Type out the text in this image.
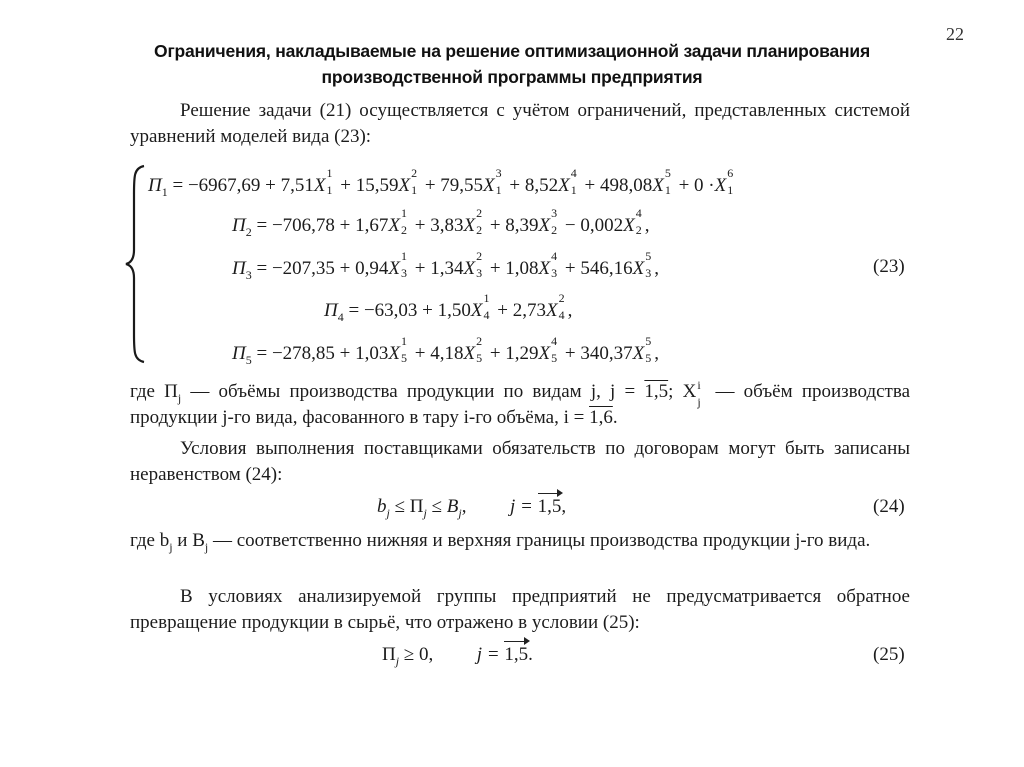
22
Ограничения, накладываемые на решение оптимизационной задачи планирования
производственной программы предприятия
Решение задачи (21) осуществляется с учётом ограничений, представленных системой уравнений моделей вида (23):
$П_1 = -6967,69 + 7,51X$
1
1 + 15,59X
2
1 + 79,55X
3
1 + 8,52X
4
1 + 498,08X
5
1 + 0 ·X
6
1
$П_2 = -706,78 + 1,67X$
1
2 + 3,83X
2
2 + 8,39X
3
2 − 0,002X
4
2 ,
$П_3 = -207,35 + 0,94X$
1
3 + 1,34X
2
3 + 1,08X
4
3 + 546,16X
5
3 ,
$П_4 = -63,03 + 1,50X$
1
4 + 2,73X
2
4 ,
$П_5 = -278,85 + 1,03X$
1
5 + 4,18X
2
5 + 1,29X
4
5 + 340,37X
5
5 ,
(23)
где $П_j$ — объёмы производства продукции по видам j, j = 1,5; X i
j — объём производства продукции j-го вида, фасованного в тару i-го объёма, i = 1,6.
Условия выполнения поставщиками обязательств по договорам могут быть записаны неравенством (24):
$b_j \le П_j \le B_j$, j = 1,5,	(24)
где $b_j$ и $B_j$ — соответственно нижняя и верхняя границы производства продукции j-го вида.
В условиях анализируемой группы предприятий не предусматривается обратное превращение продукции в сырьё, что отражено в условии (25):
$П_j \ge 0$, j = 1,5.	(25)
